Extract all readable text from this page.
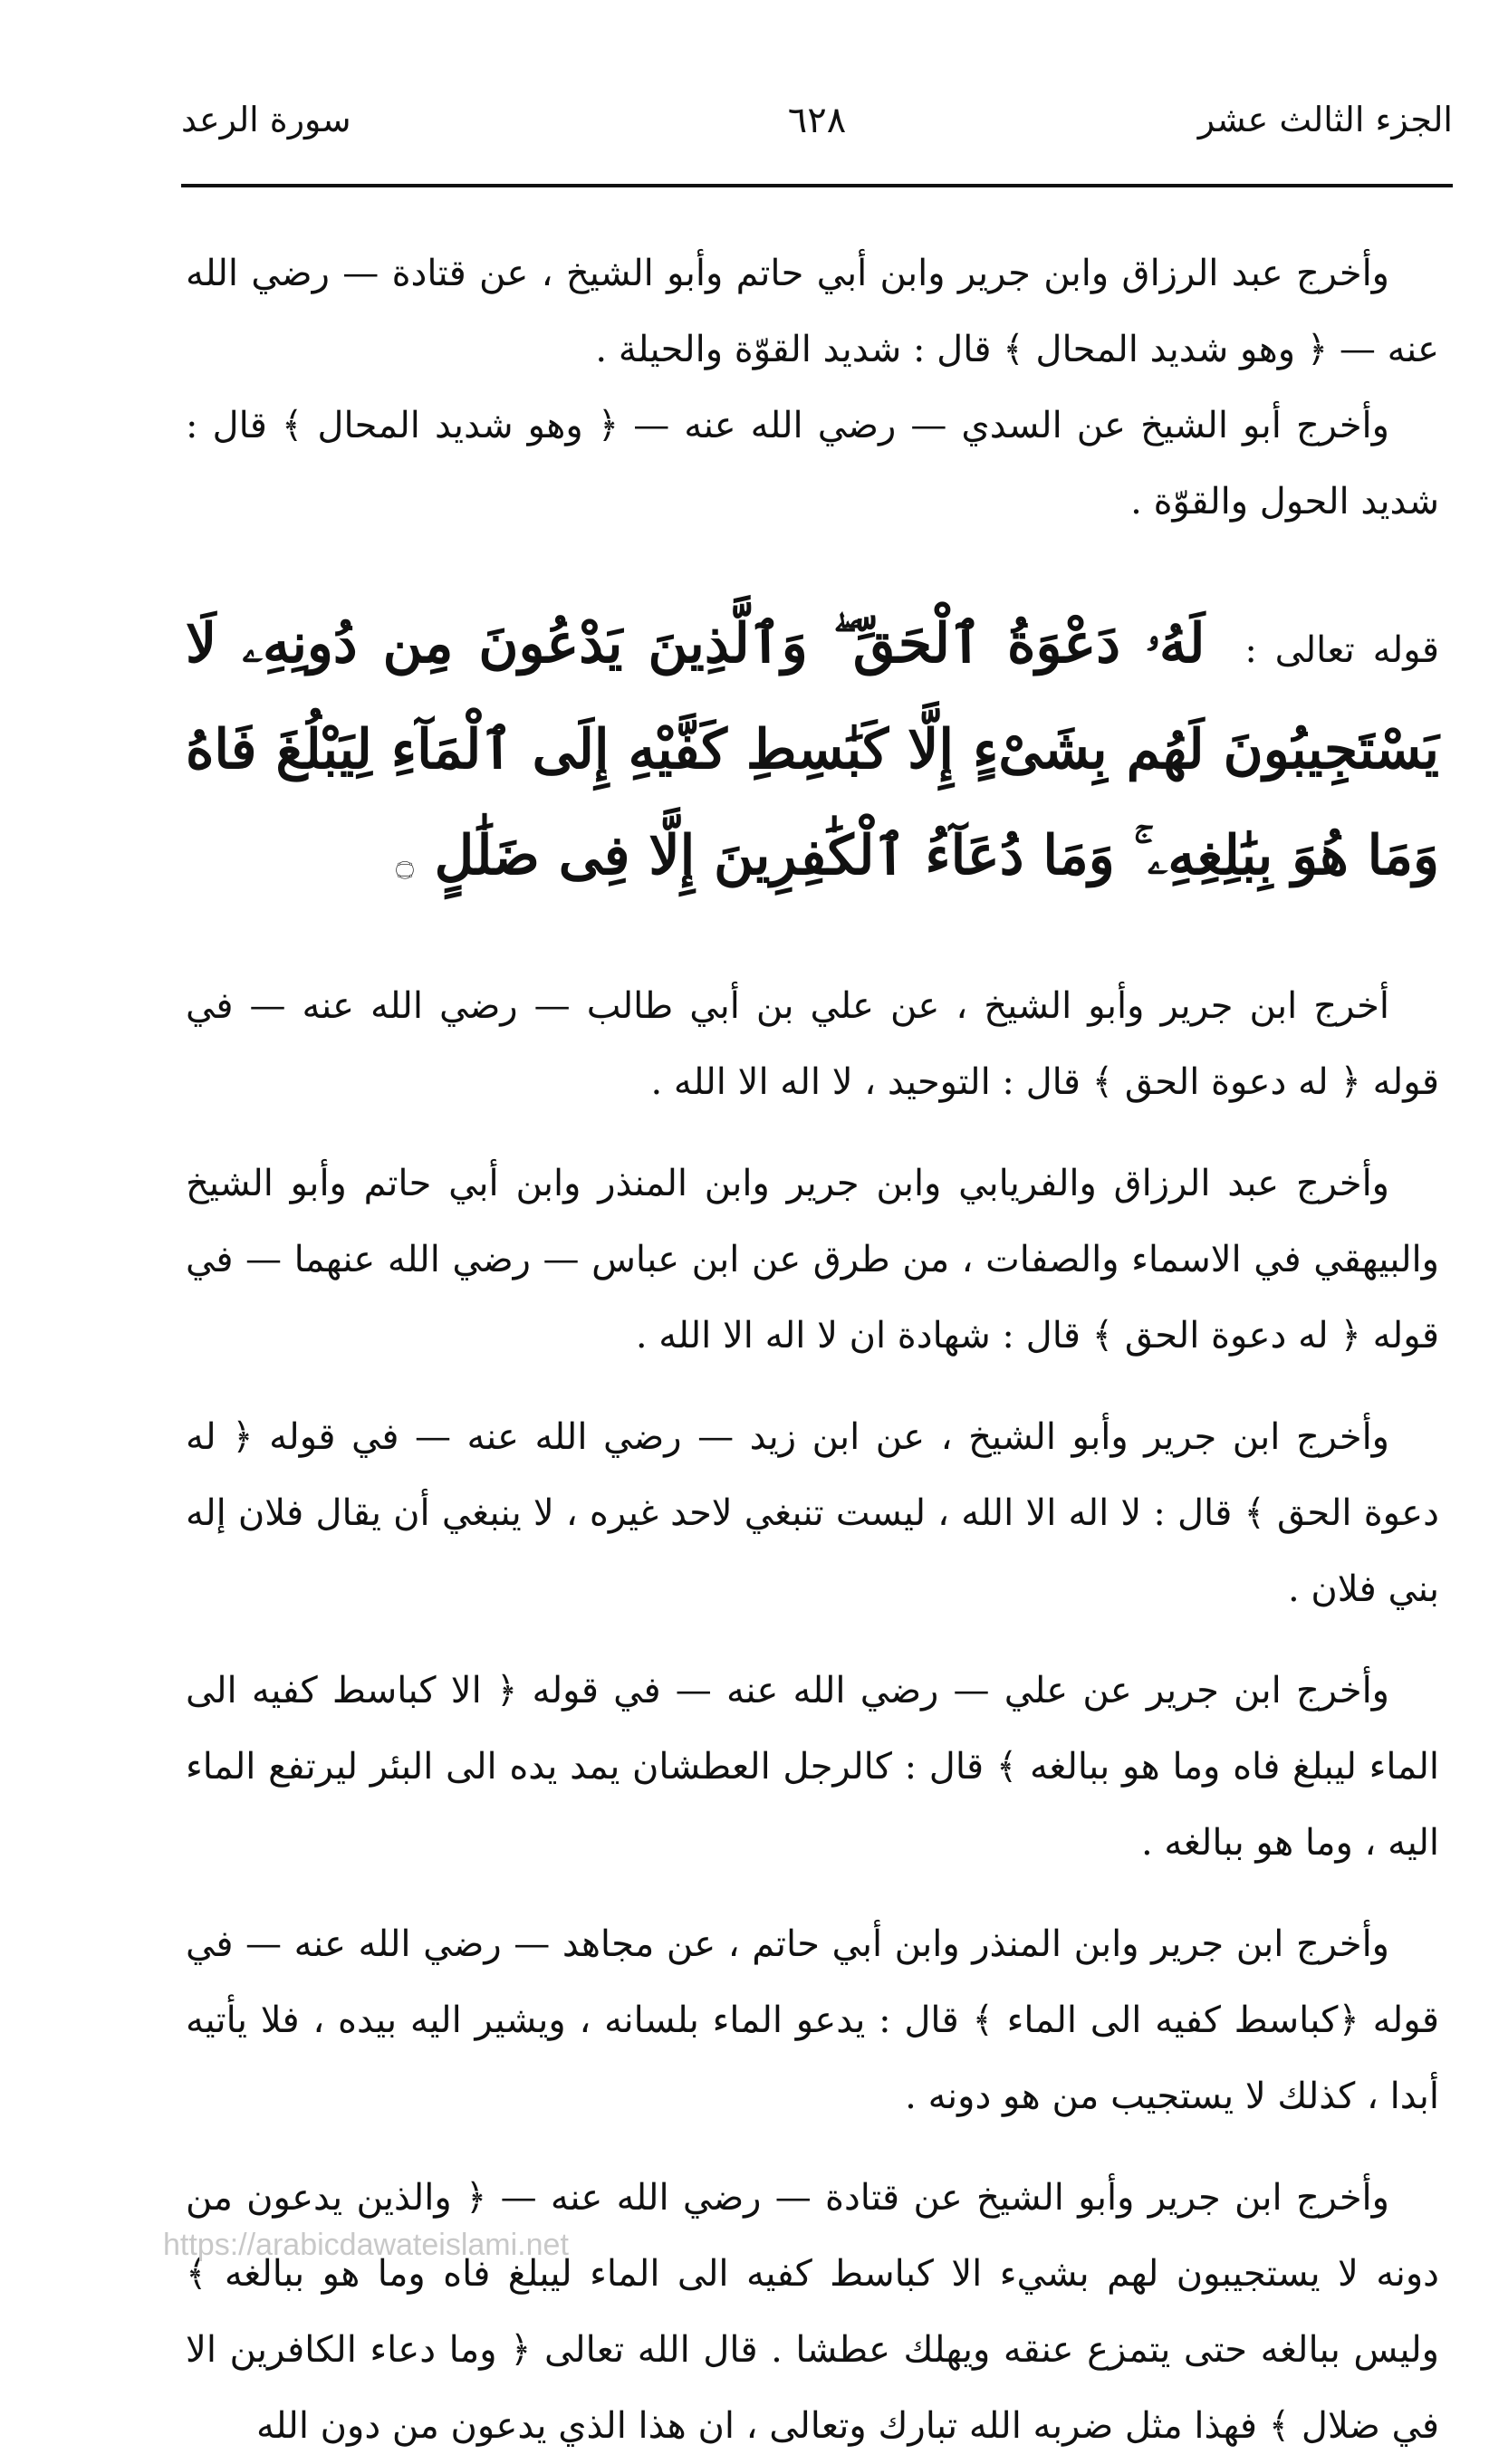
الجزء الثالث عشر
٦٢٨
سورة الرعد

وأخرج عبد الرزاق وابن جرير وابن أبي حاتم وأبو الشيخ ، عن قتادة — رضي الله عنه — ﴿ وهو شديد المحال ﴾ قال : شديد القوّة والحيلة .

وأخرج أبو الشيخ عن السدي — رضي الله عنه — ﴿ وهو شديد المحال ﴾ قال : شديد الحول والقوّة .

قوله تعالى : لَهُۥ دَعْوَةُ ٱلْحَقِّ ۖ وَٱلَّذِينَ يَدْعُونَ مِن دُونِهِۦ لَا يَسْتَجِيبُونَ لَهُم بِشَىْءٍ إِلَّا كَبَٰسِطِ كَفَّيْهِ إِلَى ٱلْمَآءِ لِيَبْلُغَ فَاهُ وَمَا هُوَ بِبَٰلِغِهِۦ ۚ وَمَا دُعَآءُ ٱلْكَٰفِرِينَ إِلَّا فِى ضَلَٰلٍ ۝

أخرج ابن جرير وأبو الشيخ ، عن علي بن أبي طالب — رضي الله عنه — في قوله ﴿ له دعوة الحق ﴾ قال : التوحيد ، لا اله الا الله .

وأخرج عبد الرزاق والفريابي وابن جرير وابن المنذر وابن أبي حاتم وأبو الشيخ والبيهقي في الاسماء والصفات ، من طرق عن ابن عباس — رضي الله عنهما — في قوله ﴿ له دعوة الحق ﴾ قال : شهادة ان لا اله الا الله .

وأخرج ابن جرير وأبو الشيخ ، عن ابن زيد — رضي الله عنه — في قوله ﴿ له دعوة الحق ﴾ قال : لا اله الا الله ، ليست تنبغي لاحد غيره ، لا ينبغي أن يقال فلان إله بني فلان .

وأخرج ابن جرير عن علي — رضي الله عنه — في قوله ﴿ الا كباسط كفيه الى الماء ليبلغ فاه وما هو ببالغه ﴾ قال : كالرجل العطشان يمد يده الى البئر ليرتفع الماء اليه ، وما هو ببالغه .

وأخرج ابن جرير وابن المنذر وابن أبي حاتم ، عن مجاهد — رضي الله عنه — في قوله ﴿كباسط كفيه الى الماء ﴾ قال : يدعو الماء بلسانه ، ويشير اليه بيده ، فلا يأتيه أبدا ، كذلك لا يستجيب من هو دونه .

وأخرج ابن جرير وأبو الشيخ عن قتادة — رضي الله عنه — ﴿ والذين يدعون من دونه لا يستجيبون لهم بشيء الا كباسط كفيه الى الماء ليبلغ فاه وما هو ببالغه ﴾ وليس ببالغه حتى يتمزع عنقه ويهلك عطشا . قال الله تعالى ﴿ وما دعاء الكافرين الا في ضلال ﴾ فهذا مثل ضربه الله تبارك وتعالى ، ان هذا الذي يدعون من دون الله

https://arabicdawateislami.net
